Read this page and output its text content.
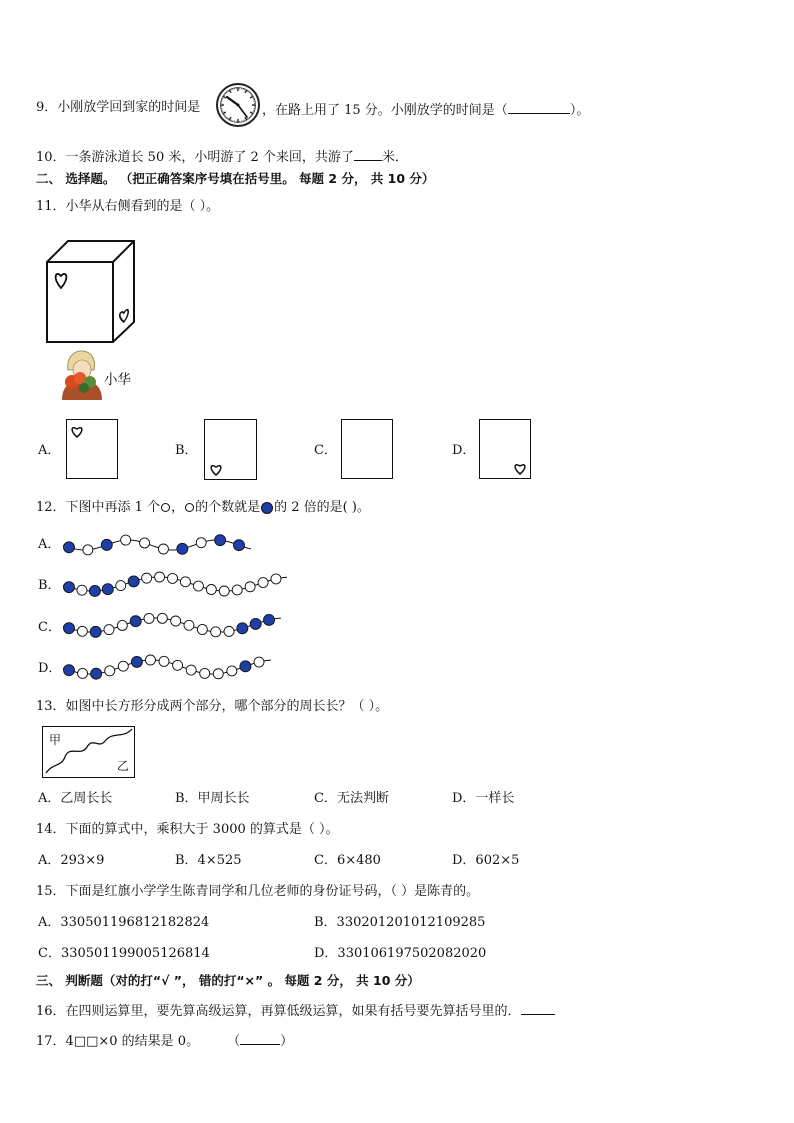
9．小刚放学回到家的时间是	，在路上用了 15 分。小刚放学的时间是（	）。
10．一条游泳道长 50 米，小明游了 2 个来回，共游了 米．
二、 选择题。 （把正确答案序号填在括号里。 每题 2 分， 共 10 分）
11．小华从右侧看到的是（ ）。
小华
A．	B．	C．	D．
12．下图中再添 1 个 ， 的个数就是 的 2 倍的是( )。
A．
B．
C．
D．
13．如图中长方形分成两个部分，哪个部分的周长长？（ ）。
甲
乙
A．乙周长长	B．甲周长长	C．无法判断	D．一样长
14．下面的算式中，乘积大于 3000 的算式是（ ）。
A．293×9	B．4×525	C．6×480	D．602×5
15．下面是红旗小学学生陈青同学和几位老师的身份证号码，（ ）是陈青的。
A．330501196812182824	B．330201201012109285
C．330501199005126814	D．330106197502082020
三、 判断题（对的打“√ ”， 错的打“×” 。 每题 2 分， 共 10 分）
16．在四则运算里，要先算高级运算，再算低级运算，如果有括号要先算括号里的．
17．4□□×0 的结果是 0。 （	）
